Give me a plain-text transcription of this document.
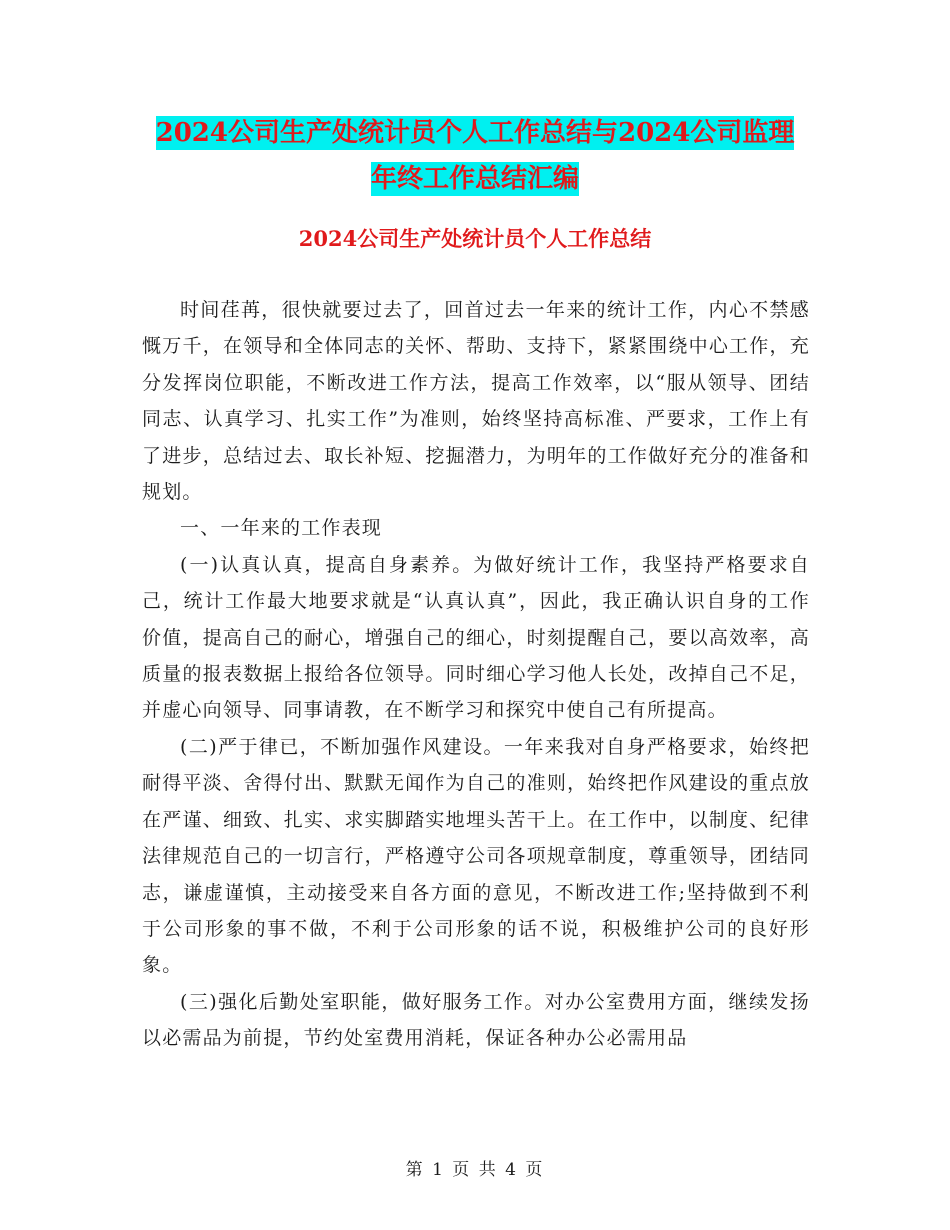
2024公司生产处统计员个人工作总结与2024公司监理
年终工作总结汇编
2024公司生产处统计员个人工作总结

时间荏苒，很快就要过去了，回首过去一年来的统计工作，内心不禁感慨万千，在领导和全体同志的关怀、帮助、支持下，紧紧围绕中心工作，充分发挥岗位职能，不断改进工作方法，提高工作效率，以“服从领导、团结同志、认真学习、扎实工作”为准则，始终坚持高标准、严要求，工作上有了进步，总结过去、取长补短、挖掘潜力，为明年的工作做好充分的准备和规划。

一、一年来的工作表现

(一)认真认真，提高自身素养。为做好统计工作，我坚持严格要求自己，统计工作最大地要求就是“认真认真”，因此，我正确认识自身的工作价值，提高自己的耐心，增强自己的细心，时刻提醒自己，要以高效率，高质量的报表数据上报给各位领导。同时细心学习他人长处，改掉自己不足，并虚心向领导、同事请教，在不断学习和探究中使自己有所提高。

(二)严于律已，不断加强作风建设。一年来我对自身严格要求，始终把耐得平淡、舍得付出、默默无闻作为自己的准则，始终把作风建设的重点放在严谨、细致、扎实、求实脚踏实地埋头苦干上。在工作中，以制度、纪律法律规范自己的一切言行，严格遵守公司各项规章制度，尊重领导，团结同志，谦虚谨慎，主动接受来自各方面的意见，不断改进工作;坚持做到不利于公司形象的事不做，不利于公司形象的话不说，积极维护公司的良好形象。

(三)强化后勤处室职能，做好服务工作。对办公室费用方面，继续发扬以必需品为前提，节约处室费用消耗，保证各种办公必需用品

第 1 页 共 4 页
